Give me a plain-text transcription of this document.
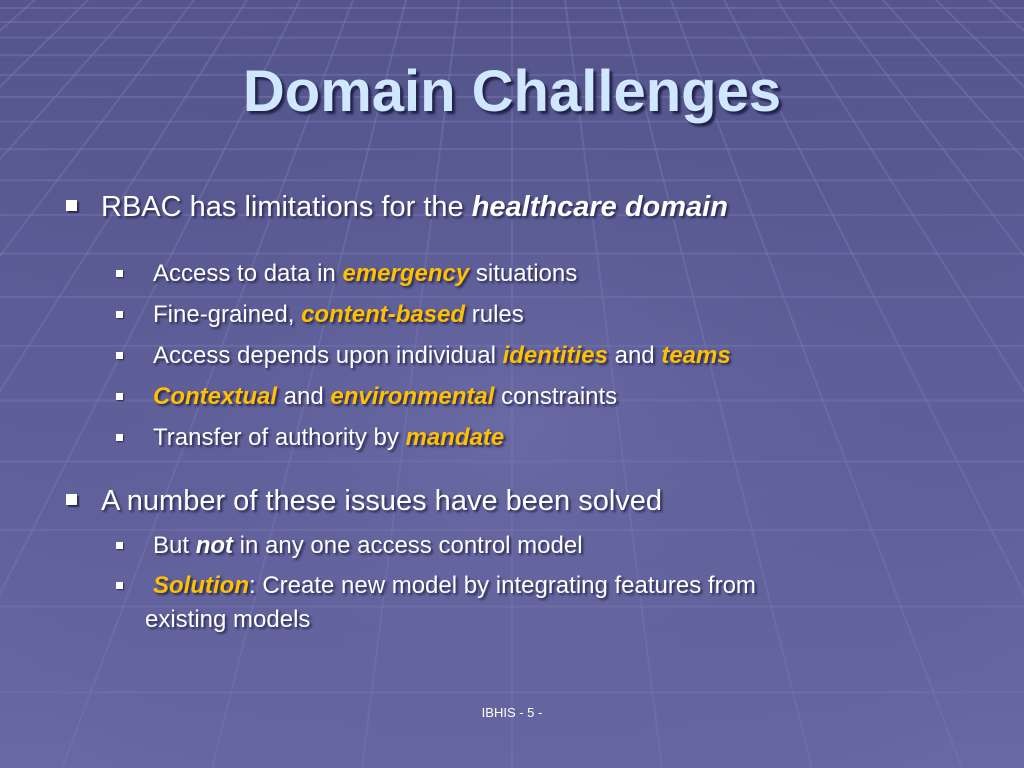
Domain Challenges
RBAC has limitations for the healthcare domain
Access to data in emergency situations
Fine-grained, content-based rules
Access depends upon individual identities and teams
Contextual and environmental constraints
Transfer of authority by mandate
A number of these issues have been solved
But not in any one access control model
Solution: Create new model by integrating features from
existing models
IBHIS - 5 -
